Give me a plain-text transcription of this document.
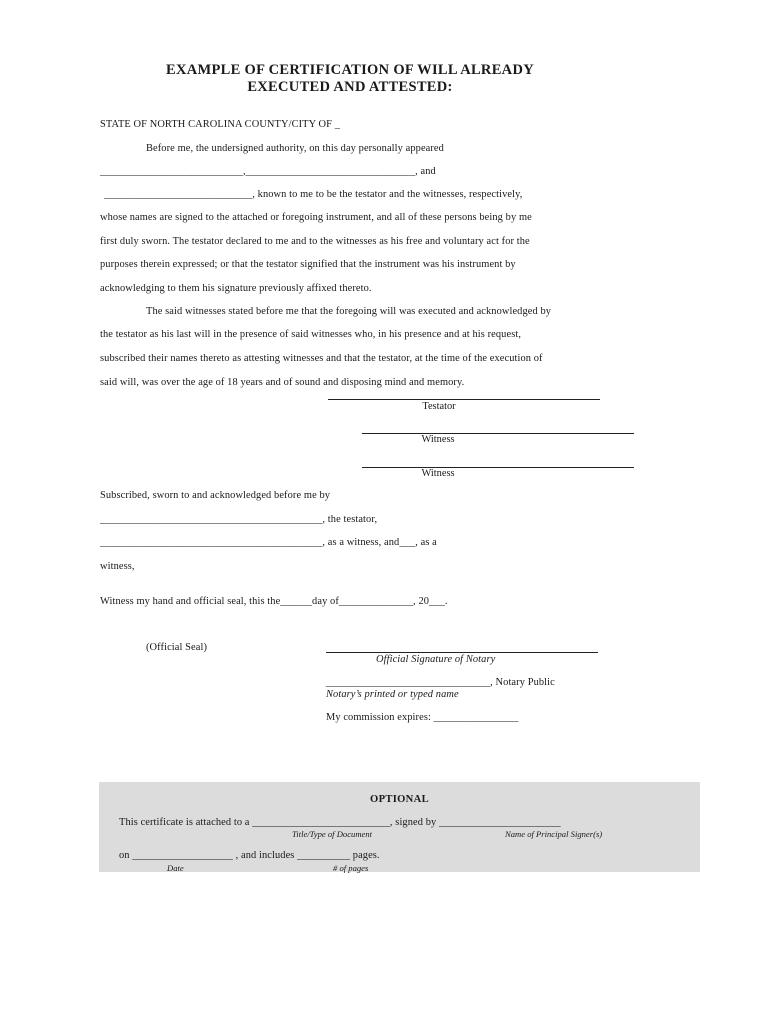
EXAMPLE OF CERTIFICATION OF WILL ALREADY
EXECUTED AND ATTESTED:
STATE OF NORTH CAROLINA COUNTY/CITY OF _
Before me, the undersigned authority, on this day personally appeared
___________________________,________________________________, and
____________________________, known to me to be the testator and the witnesses, respectively,
whose names are signed to the attached or foregoing instrument, and all of these persons being by me
first duly sworn. The testator declared to me and to the witnesses as his free and voluntary act for the
purposes therein expressed; or that the testator signified that the instrument was his instrument by
acknowledging to them his signature previously affixed thereto.
The said witnesses stated before me that the foregoing will was executed and acknowledged by
the testator as his last will in the presence of said witnesses who, in his presence and at his request,
subscribed their names thereto as attesting witnesses and that the testator, at the time of the execution of
said will, was over the age of 18 years and of sound and disposing mind and memory.
Testator
Witness
Witness
Subscribed, sworn to and acknowledged before me by
__________________________________________, the testator,
__________________________________________, as a witness, and___, as a
witness,
Witness my hand and official seal, this the______day of______________, 20___.
(Official Seal)
Official Signature of Notary
_______________________________, Notary Public
Notary’s printed or typed name
My commission expires: ________________
OPTIONAL
This certificate is attached to a __________________________, signed by _______________________
Title/Type of Document	Name of Principal Signer(s)
on ___________________ , and includes __________ pages.
Date	# of pages
